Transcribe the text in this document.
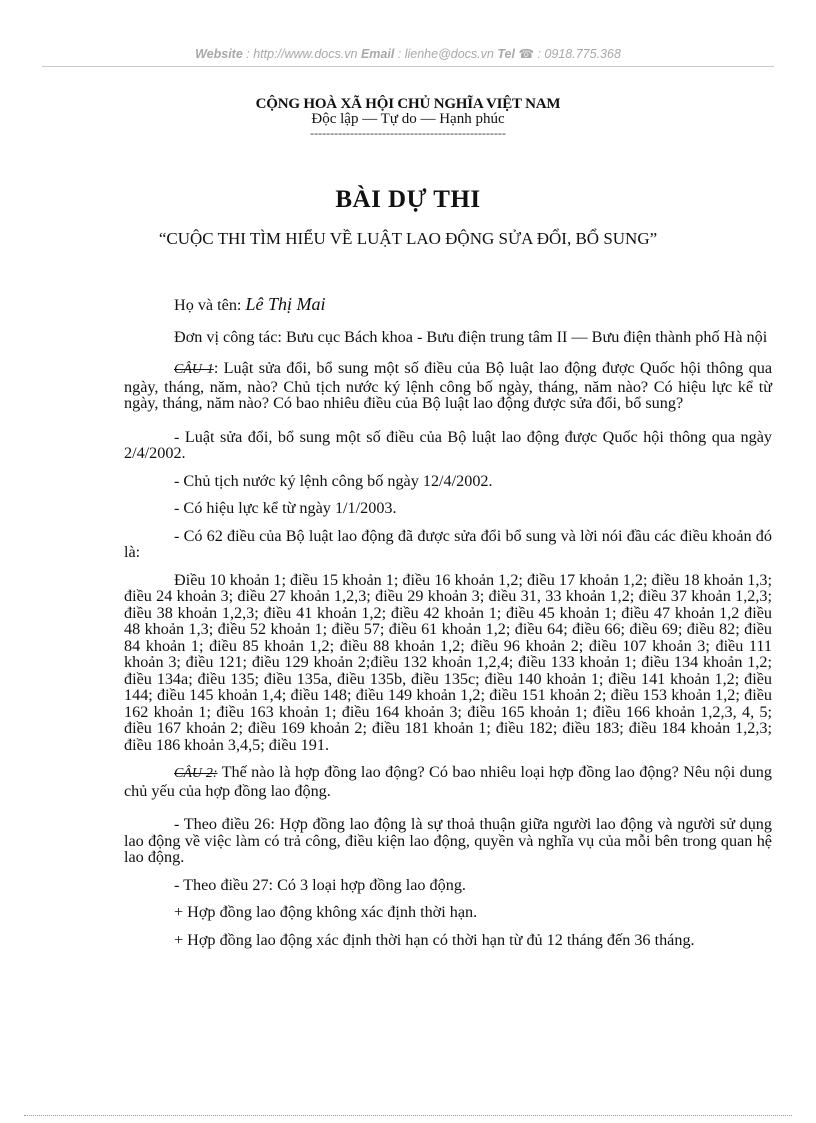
Website : http://www.docs.vn Email : lienhe@docs.vn Tel ☎ : 0918.775.368
CỘNG HOÀ XÃ HỘI CHỦ NGHĨA VIỆT NAM
Độc lập — Tự do — Hạnh phúc
-------------------------------------------------
BÀI DỰ THI
“CUỘC THI TÌM HIỂU VỀ LUẬT LAO ĐỘNG SỬA ĐỔI, BỔ SUNG”

Họ và tên: Lê Thị Mai

Đơn vị công tác: Bưu cục Bách khoa - Bưu điện trung tâm II — Bưu điện thành phố Hà nội

CÂU 1: Luật sửa đổi, bổ sung một số điều của Bộ luật lao động được Quốc hội thông qua ngày, tháng, năm, nào? Chủ tịch nước ký lệnh công bố ngày, tháng, năm nào? Có hiệu lực kể từ ngày, tháng, năm nào? Có bao nhiêu điều của Bộ luật lao động được sửa đổi, bổ sung?

- Luật sửa đổi, bổ sung một số điều của Bộ luật lao động được Quốc hội thông qua ngày 2/4/2002.

- Chủ tịch nước ký lệnh công bố ngày 12/4/2002.

- Có hiệu lực kể từ ngày 1/1/2003.

- Có 62 điều của Bộ luật lao động đã được sửa đổi bổ sung và lời nói đầu các điều khoản đó là:

Điều 10 khoản 1; điều 15 khoản 1; điều 16 khoản 1,2; điều 17 khoản 1,2; điều 18 khoản 1,3; điều 24 khoản 3; điều 27 khoản 1,2,3; điều 29 khoản 3; điều 31, 33 khoản 1,2; điều 37 khoản 1,2,3; điều 38 khoản 1,2,3; điều 41 khoản 1,2; điều 42 khoản 1; điều 45 khoản 1; điều 47 khoản 1,2 điều 48 khoản 1,3; điều 52 khoản 1; điều 57; điều 61 khoản 1,2; điều 64; điều 66; điều 69; điều 82; điều 84 khoản 1; điều 85 khoản 1,2; điều 88 khoản 1,2; điều 96 khoản 2; điều 107 khoản 3; điều 111 khoản 3; điều 121; điều 129 khoản 2;điều 132 khoản 1,2,4; điều 133 khoản 1; điều 134 khoản 1,2; điều 134a; điều 135; điều 135a, điều 135b, điều 135c; điều 140 khoản 1; điều 141 khoản 1,2; điều 144; điều 145 khoản 1,4; điều 148; điều 149 khoản 1,2; điều 151 khoản 2; điều 153 khoản 1,2; điều 162 khoản 1; điều 163 khoản 1; điều 164 khoản 3; điều 165 khoản 1; điều 166 khoản 1,2,3, 4, 5; điều 167 khoản 2; điều 169 khoản 2; điều 181 khoản 1; điều 182; điều 183; điều 184 khoản 1,2,3; điều 186 khoản 3,4,5; điều 191.

CÂU 2: Thế nào là hợp đồng lao động? Có bao nhiêu loại hợp đồng lao động? Nêu nội dung chủ yếu của hợp đồng lao động.

- Theo điều 26: Hợp đồng lao động là sự thoả thuận giữa người lao động và người sử dụng lao động về việc làm có trả công, điều kiện lao động, quyền và nghĩa vụ của mỗi bên trong quan hệ lao động.

- Theo điều 27: Có 3 loại hợp đồng lao động.

+ Hợp đồng lao động không xác định thời hạn.

+ Hợp đồng lao động xác định thời hạn có thời hạn từ đủ 12 tháng đến 36 tháng.
